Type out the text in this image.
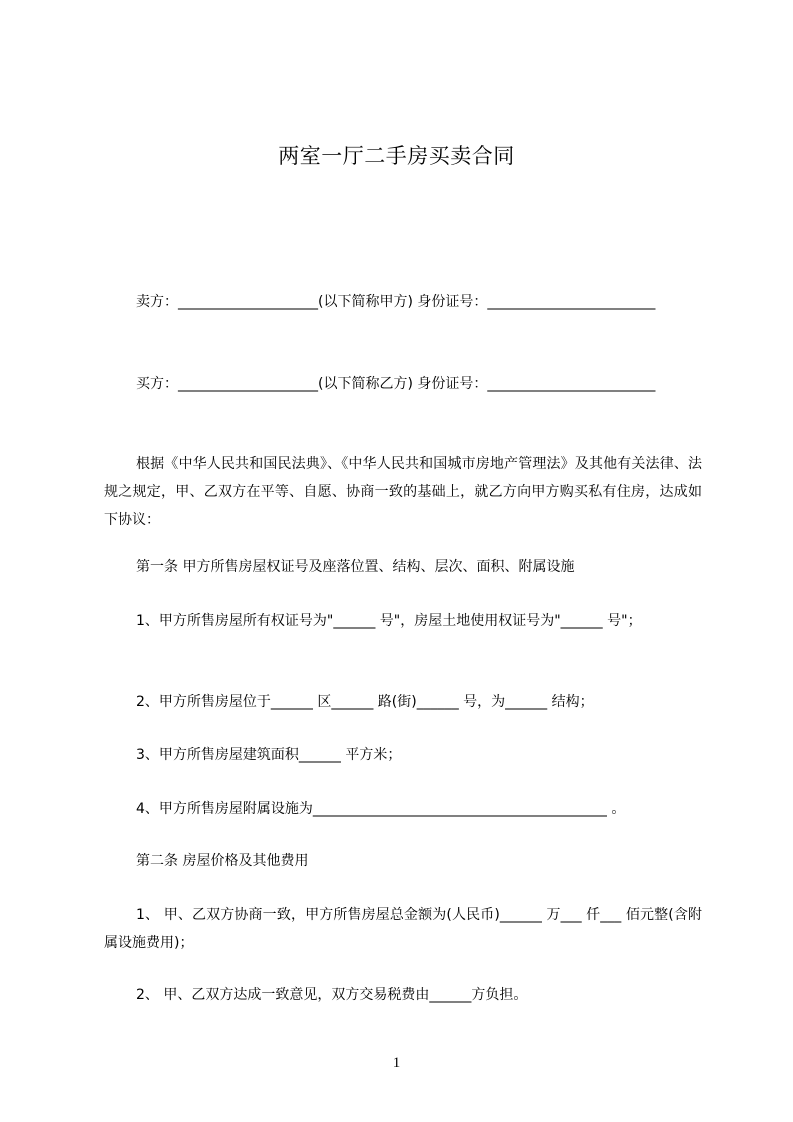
两室一厅二手房买卖合同
卖方：____________________(以下简称甲方) 身份证号：________________________
买方：____________________(以下简称乙方) 身份证号：________________________
根据《中华人民共和国民法典》、《中华人民共和国城市房地产管理法》及其他有关法律、法规之规定，甲、乙双方在平等、自愿、协商一致的基础上，就乙方向甲方购买私有住房，达成如下协议：
第一条 甲方所售房屋权证号及座落位置、结构、层次、面积、附属设施
1、甲方所售房屋所有权证号为"______ 号"，房屋土地使用权证号为"______ 号"；
2、甲方所售房屋位于______ 区______ 路(街)______ 号，为______ 结构；
3、甲方所售房屋建筑面积______ 平方米；
4、甲方所售房屋附属设施为__________________________________________ 。
第二条 房屋价格及其他费用
1、 甲、乙双方协商一致，甲方所售房屋总金额为(人民币)______ 万___ 仟___ 佰元整(含附属设施费用)；
2、 甲、乙双方达成一致意见，双方交易税费由______方负担。
1
